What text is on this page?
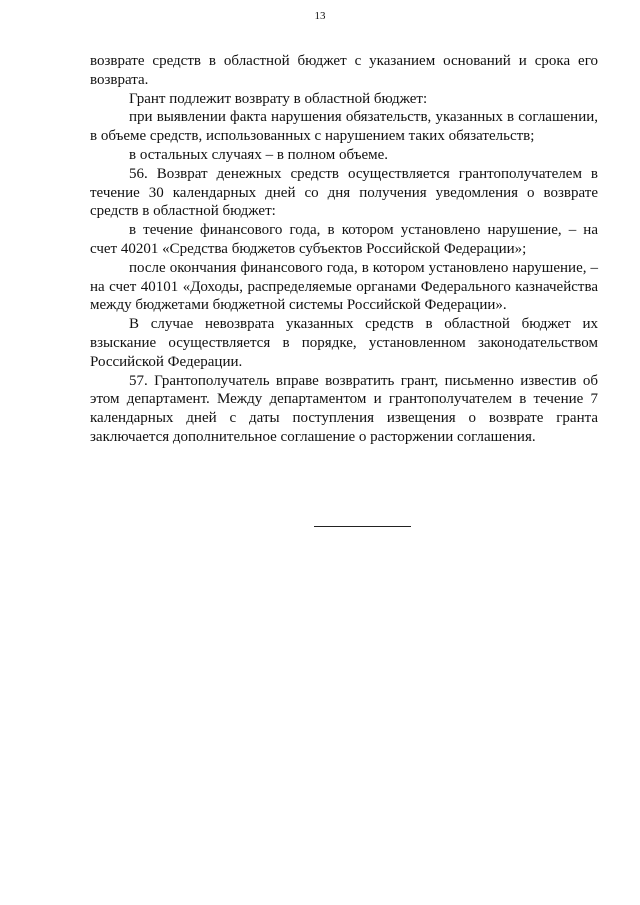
13

возврате средств в областной бюджет с указанием оснований и срока его возврата.

Грант подлежит возврату в областной бюджет:

при выявлении факта нарушения обязательств, указанных в соглашении, в объеме средств, использованных с нарушением таких обязательств;

в остальных случаях – в полном объеме.

56. Возврат денежных средств осуществляется грантополучателем в течение 30 календарных дней со дня получения уведомления о возврате средств в областной бюджет:

в течение финансового года, в котором установлено нарушение, – на счет 40201 «Средства бюджетов субъектов Российской Федерации»;

после окончания финансового года, в котором установлено нарушение, – на счет 40101 «Доходы, распределяемые органами Федерального казначейства между бюджетами бюджетной системы Российской Федерации».

В случае невозврата указанных средств в областной бюджет их взыскание осуществляется в порядке, установленном законодательством Российской Федерации.

57. Грантополучатель вправе возвратить грант, письменно известив об этом департамент. Между департаментом и грантополучателем в течение 7 календарных дней с даты поступления извещения о возврате гранта заключается дополнительное соглашение о расторжении соглашения.
